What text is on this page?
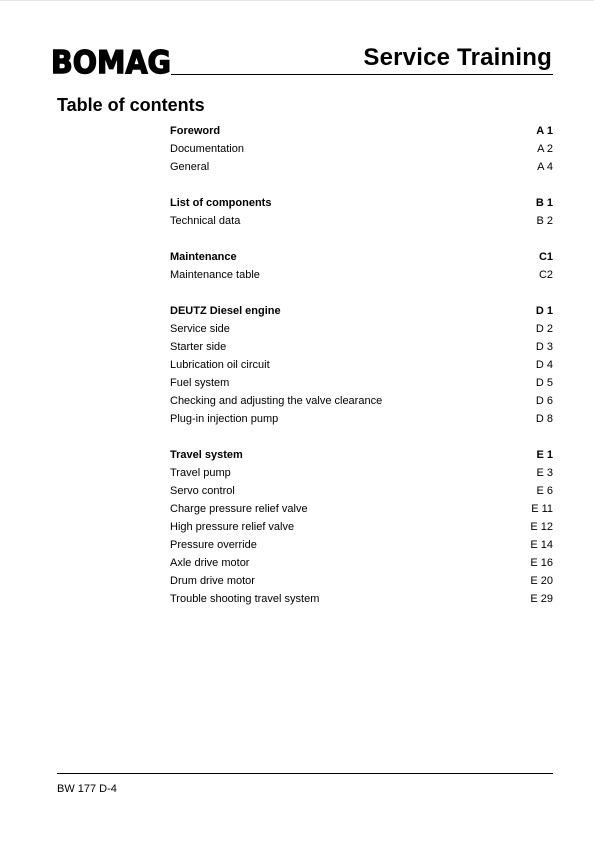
BOMAG	Service Training
Table of contents
Foreword	A 1
Documentation	A 2
General	A 4
List of components	B 1
Technical data	B 2
Maintenance	C1
Maintenance table	C2
DEUTZ Diesel engine	D 1
Service side	D 2
Starter side	D 3
Lubrication oil circuit	D 4
Fuel system	D 5
Checking and adjusting the valve clearance	D 6
Plug-in injection pump	D 8
Travel system	E 1
Travel pump	E 3
Servo control	E 6
Charge pressure relief valve	E 11
High pressure relief valve	E 12
Pressure override	E 14
Axle drive motor	E 16
Drum drive motor	E 20
Trouble shooting travel system	E 29
BW 177 D-4
